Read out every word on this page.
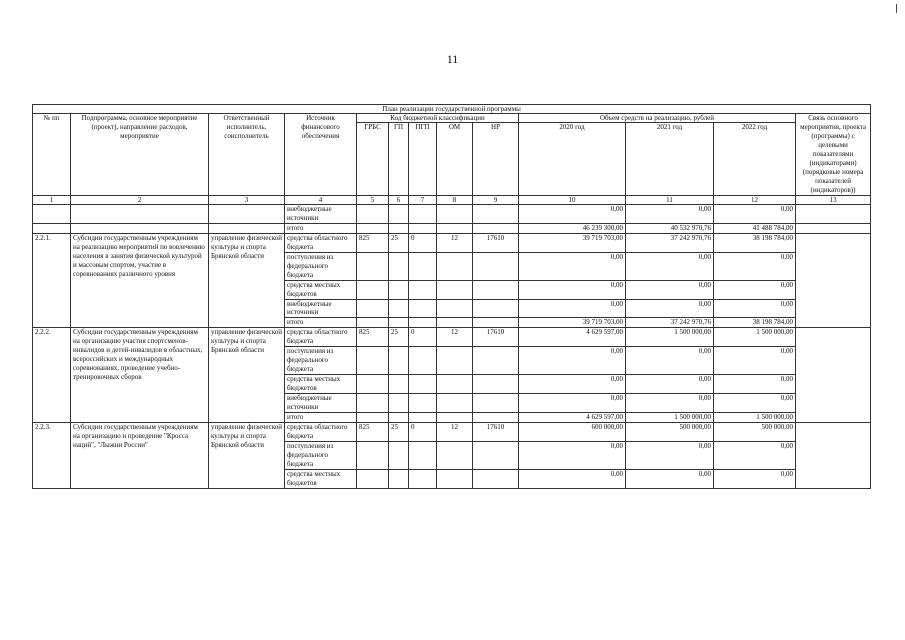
11
План реализации государственной программы												
№ пп	Подпрограмма, основное мероприятие (проект), направление расходов, мероприятие	Ответственный исполнитель, соисполнитель	Источник финансового обеспечения	Код бюджетной классификации					Объем средств на реализацию, рублей			Связь основного мероприятия, проекта (программы) с целевыми показателями (индикаторами) (порядковые номера показателей (индикаторов))
				ГРБС	ГП	ПГП	ОМ	НР	2020 год	2021 год	2022 год	
1	2	3	4	5	6	7	8	9	10	11	12	13
			внебюджетные источники						0,00	0,00	0,00	
			итого						46 239 300,00	40 532 970,76	41 488 784,00	
2.2.1.	Субсидии государственным учреждениям на реализацию мероприятий по вовлечению населения в занятия физической культурой и массовым спортом, участие в соревнованиях различного уровня	управление физической культуры и спорта Брянской области	средства областного бюджета	825	25	0	12	17610	39 719 703,00	37 242 970,76	38 198 784,00	
			поступления из федерального бюджета						0,00	0,00	0,00	
			средства местных бюджетов						0,00	0,00	0,00	
			внебюджетные источники						0,00	0,00	0,00	
			итого						39 719 703,00	37 242 970,76	38 198 784,00	
2.2.2.	Субсидии государственным учреждениям на организацию участия спортсменов-инвалидов и детей-инвалидов в областных, всероссийских и международных соревнованиях, проведение учебно-тренировочных сборов	управление физической культуры и спорта Брянской области	средства областного бюджета	825	25	0	12	17610	4 629 597,00	1 500 000,00	1 500 000,00	
			поступления из федерального бюджета						0,00	0,00	0,00	
			средства местных бюджетов						0,00	0,00	0,00	
			внебюджетные источники						0,00	0,00	0,00	
			итого						4 629 597,00	1 500 000,00	1 500 000,00	
2.2.3.	Субсидии государственным учреждениям на организацию и проведение "Кросса наций", "Лыжни России"	управление физической культуры и спорта Брянской области	средства областного бюджета	825	25	0	12	17610	600 000,00	500 000,00	500 000,00	
			поступления из федерального бюджета						0,00	0,00	0,00	
			средства местных бюджетов						0,00	0,00	0,00	
